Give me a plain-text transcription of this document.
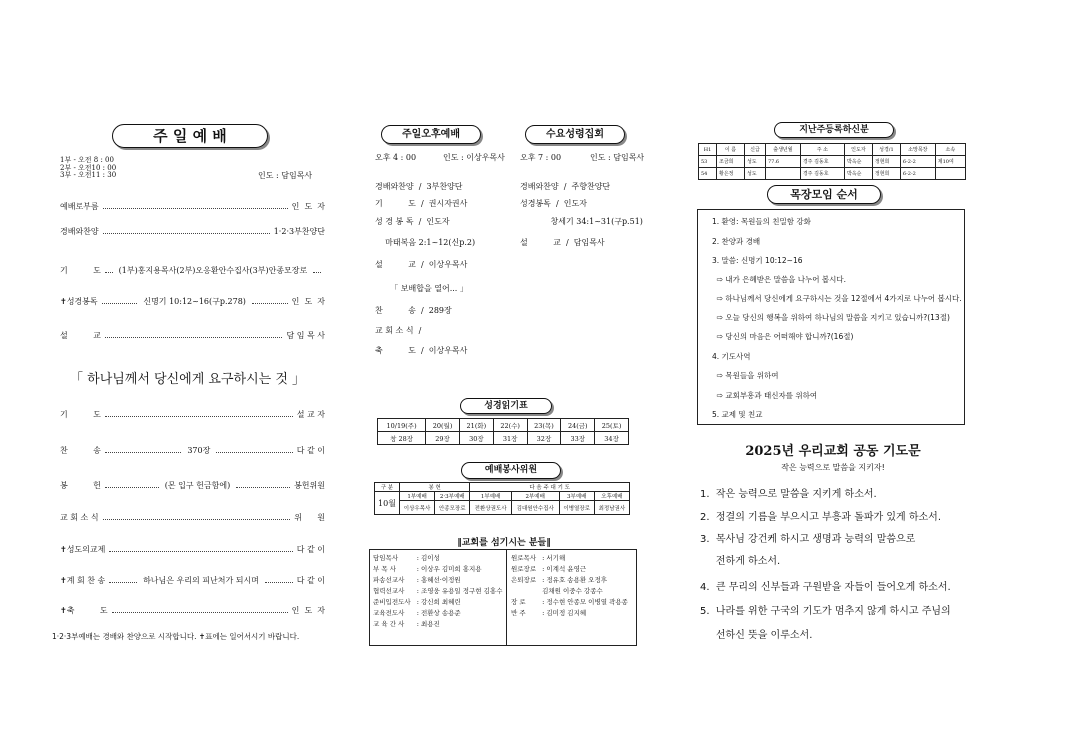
주 일 예 배
1부 - 오전 8 : 00
2부 - 오전10 : 00
3부 - 오전11 : 30	인도 : 담임목사
예배로부름	인  도  자
경배와찬양	1·2·3부찬양단
기          도 (1부)홍지용목사(2부)오응환안수집사(3부)안종모장로
✝성경봉독	신명기 10:12~16(구p.278)	인  도  자
설          교	담 임 목 사
「 하나님께서 당신에게 요구하시는 것 」
기          도	설 교 자
찬          송	370장	다 같 이
봉          헌	(몬 입구 헌금함에)	봉헌위원
교 회 소 식	위      원
✝성도의교제	다 같 이
✝계 회 찬 송	하나님은 우리의 피난처가 되시며	다 같 이
✝축          도	인  도  자
1·2·3부예배는 경배와 찬양으로 시작합니다. ✝표에는 일어서시기 바랍니다.
주일오후예배	수요성령집회
오후 4 : 00	인도 : 이상우목사 오후 7 : 00	인도 : 담임목사
경배와찬양  /  3부찬양단
기          도  /  권시자권사
성 경 봉 독  /  인도자
마태복음 2:1~12(신p.2)
설          교  /  이상우목사
「 보배합을 열어... 」
찬          송  /  289장
교 회 소 식  /
축          도  /  이상우목사
경배와찬양  /  주향찬양단
성경봉독  /  인도자
창세기 34:1~31(구p.51)
설          교  /  담임목사
성경읽기표
10/19(주)	20(월)	21(화)	22(수)	23(목)	24(금)	25(토)
창 28장	29장	30장	31장	32장	33장	34장
예배봉사위원
구 분	봉 헌		다 음 주 대 기 도			
10월	1부예배	2·3부예배	1부예배	2부예배	3부예배	오후예배
	이상우목사	안종모장로	전환상권도사	김대원안수집사	이병열장로	최정남권사
‖교회를 섬기시는 분들‖
담임목사	: 김이성
부 목 사	: 이상우 김미희 홍지용
파송선교사	: 홍혜선·이정원
협력선교사	: 조영웅 유용일 정구현 김홍수
준비입전도사	: 강신희 최혜린
교육전도사	: 전환상 송용준
교 육 간 사	: 최용진
원로목사	: 서기해
원로장로	: 이계석 윤영근
은퇴장로	: 정유호 송용환 오정후
	김채원 이중수 강종수
장 로	: 정수현 안종모 이병열 곽용종
반 주	: 김미정 김지혜
지난주등록하신분
H1	이 름	신급	출생년월	주 소	인도자	성경/1	소망목장	소속
53	조금희	성도	77.6	경주 김동호	박옥순	정현희	6-2-2	제10여
54	황은정	성도		경주 김동호	박옥순	정현희	6-2-2	
목장모임 순서
1. 환영: 목원들의 친밀함 강화
2. 찬양과 경배
3. 말씀: 신명기 10:12~16
⇨ 내가 은혜받은 말씀을 나누어 봅시다.
⇨ 하나님께서 당신에게 요구하시는 것을 12절에서 4가지로 나누어 봅시다.
⇨ 오늘 당신의 행복을 위하여 하나님의 말씀을 지키고 있습니까?(13절)
⇨ 당신의 마음은 어떠해야 합니까?(16절)
4. 기도사역
⇨ 목원들을 위하여
⇨ 교회부흥과 태신자를 위하여
5. 교제 및 친교
2025년 우리교회 공동 기도문
작은 능력으로 말씀을 지키자!
1.  작은 능력으로 말씀을 지키게 하소서.
2.  정결의 기름을 부으시고 부흥과 돌파가 있게 하소서.
3.  목사님 강건케 하시고 생명과 능력의 말씀으로
전하게 하소서.
4.  큰 무리의 신부들과 구원받을 자들이 들어오게 하소서.
5.  나라를 위한 구국의 기도가 멈추지 않게 하시고 주님의
선하신 뜻을 이루소서.
